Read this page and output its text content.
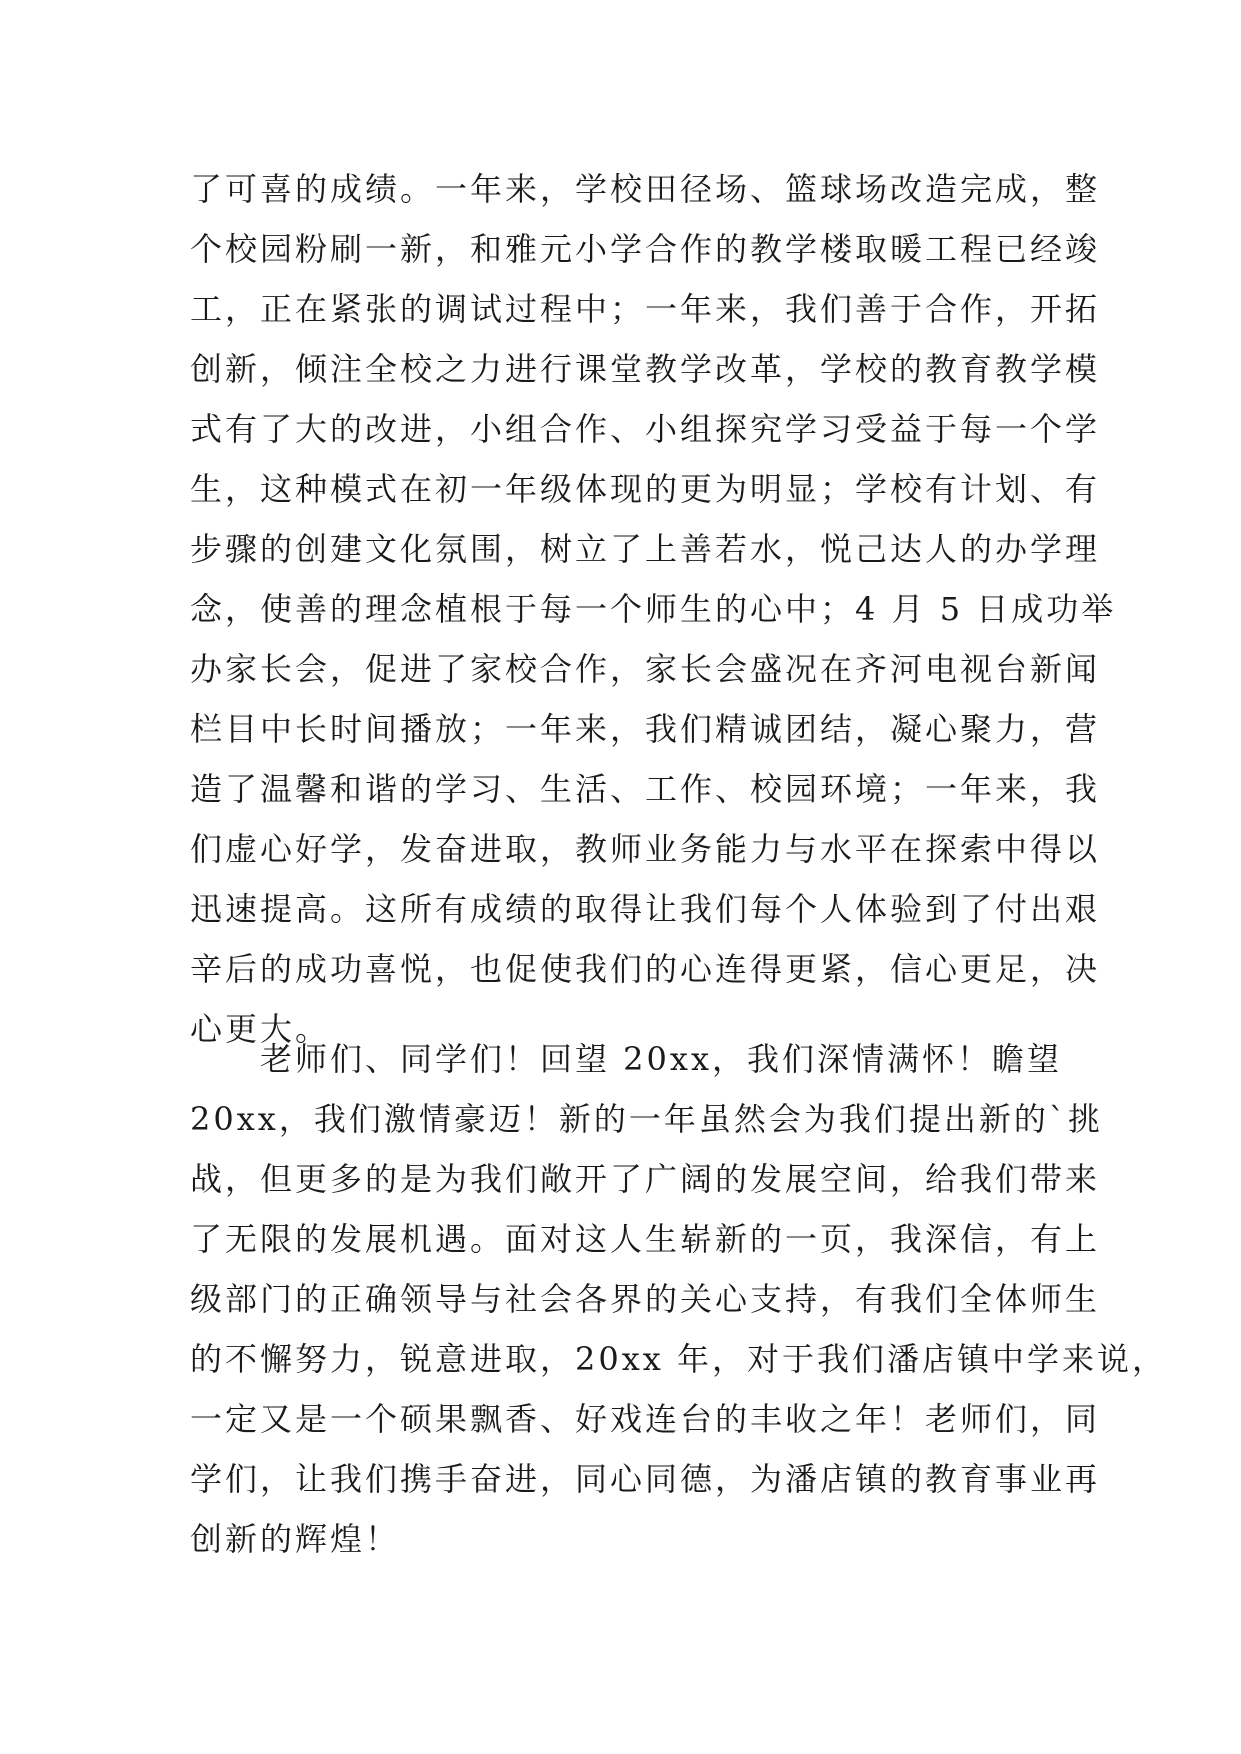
了可喜的成绩。一年来，学校田径场、篮球场改造完成，整
个校园粉刷一新，和雅元小学合作的教学楼取暖工程已经竣
工，正在紧张的调试过程中；一年来，我们善于合作，开拓
创新，倾注全校之力进行课堂教学改革，学校的教育教学模
式有了大的改进，小组合作、小组探究学习受益于每一个学
生，这种模式在初一年级体现的更为明显；学校有计划、有
步骤的创建文化氛围，树立了上善若水，悦己达人的办学理
念，使善的理念植根于每一个师生的心中；4 月 5 日成功举
办家长会，促进了家校合作，家长会盛况在齐河电视台新闻
栏目中长时间播放；一年来，我们精诚团结，凝心聚力，营
造了温馨和谐的学习、生活、工作、校园环境；一年来，我
们虚心好学，发奋进取，教师业务能力与水平在探索中得以
迅速提高。这所有成绩的取得让我们每个人体验到了付出艰
辛后的成功喜悦，也促使我们的心连得更紧，信心更足，决
心更大。
　　老师们、同学们！回望 20xx，我们深情满怀！瞻望
20xx，我们激情豪迈！新的一年虽然会为我们提出新的`挑
战，但更多的是为我们敞开了广阔的发展空间，给我们带来
了无限的发展机遇。面对这人生崭新的一页，我深信，有上
级部门的正确领导与社会各界的关心支持，有我们全体师生
的不懈努力，锐意进取，20xx 年，对于我们潘店镇中学来说，
一定又是一个硕果飘香、好戏连台的丰收之年！老师们，同
学们，让我们携手奋进，同心同德，为潘店镇的教育事业再
创新的辉煌！
